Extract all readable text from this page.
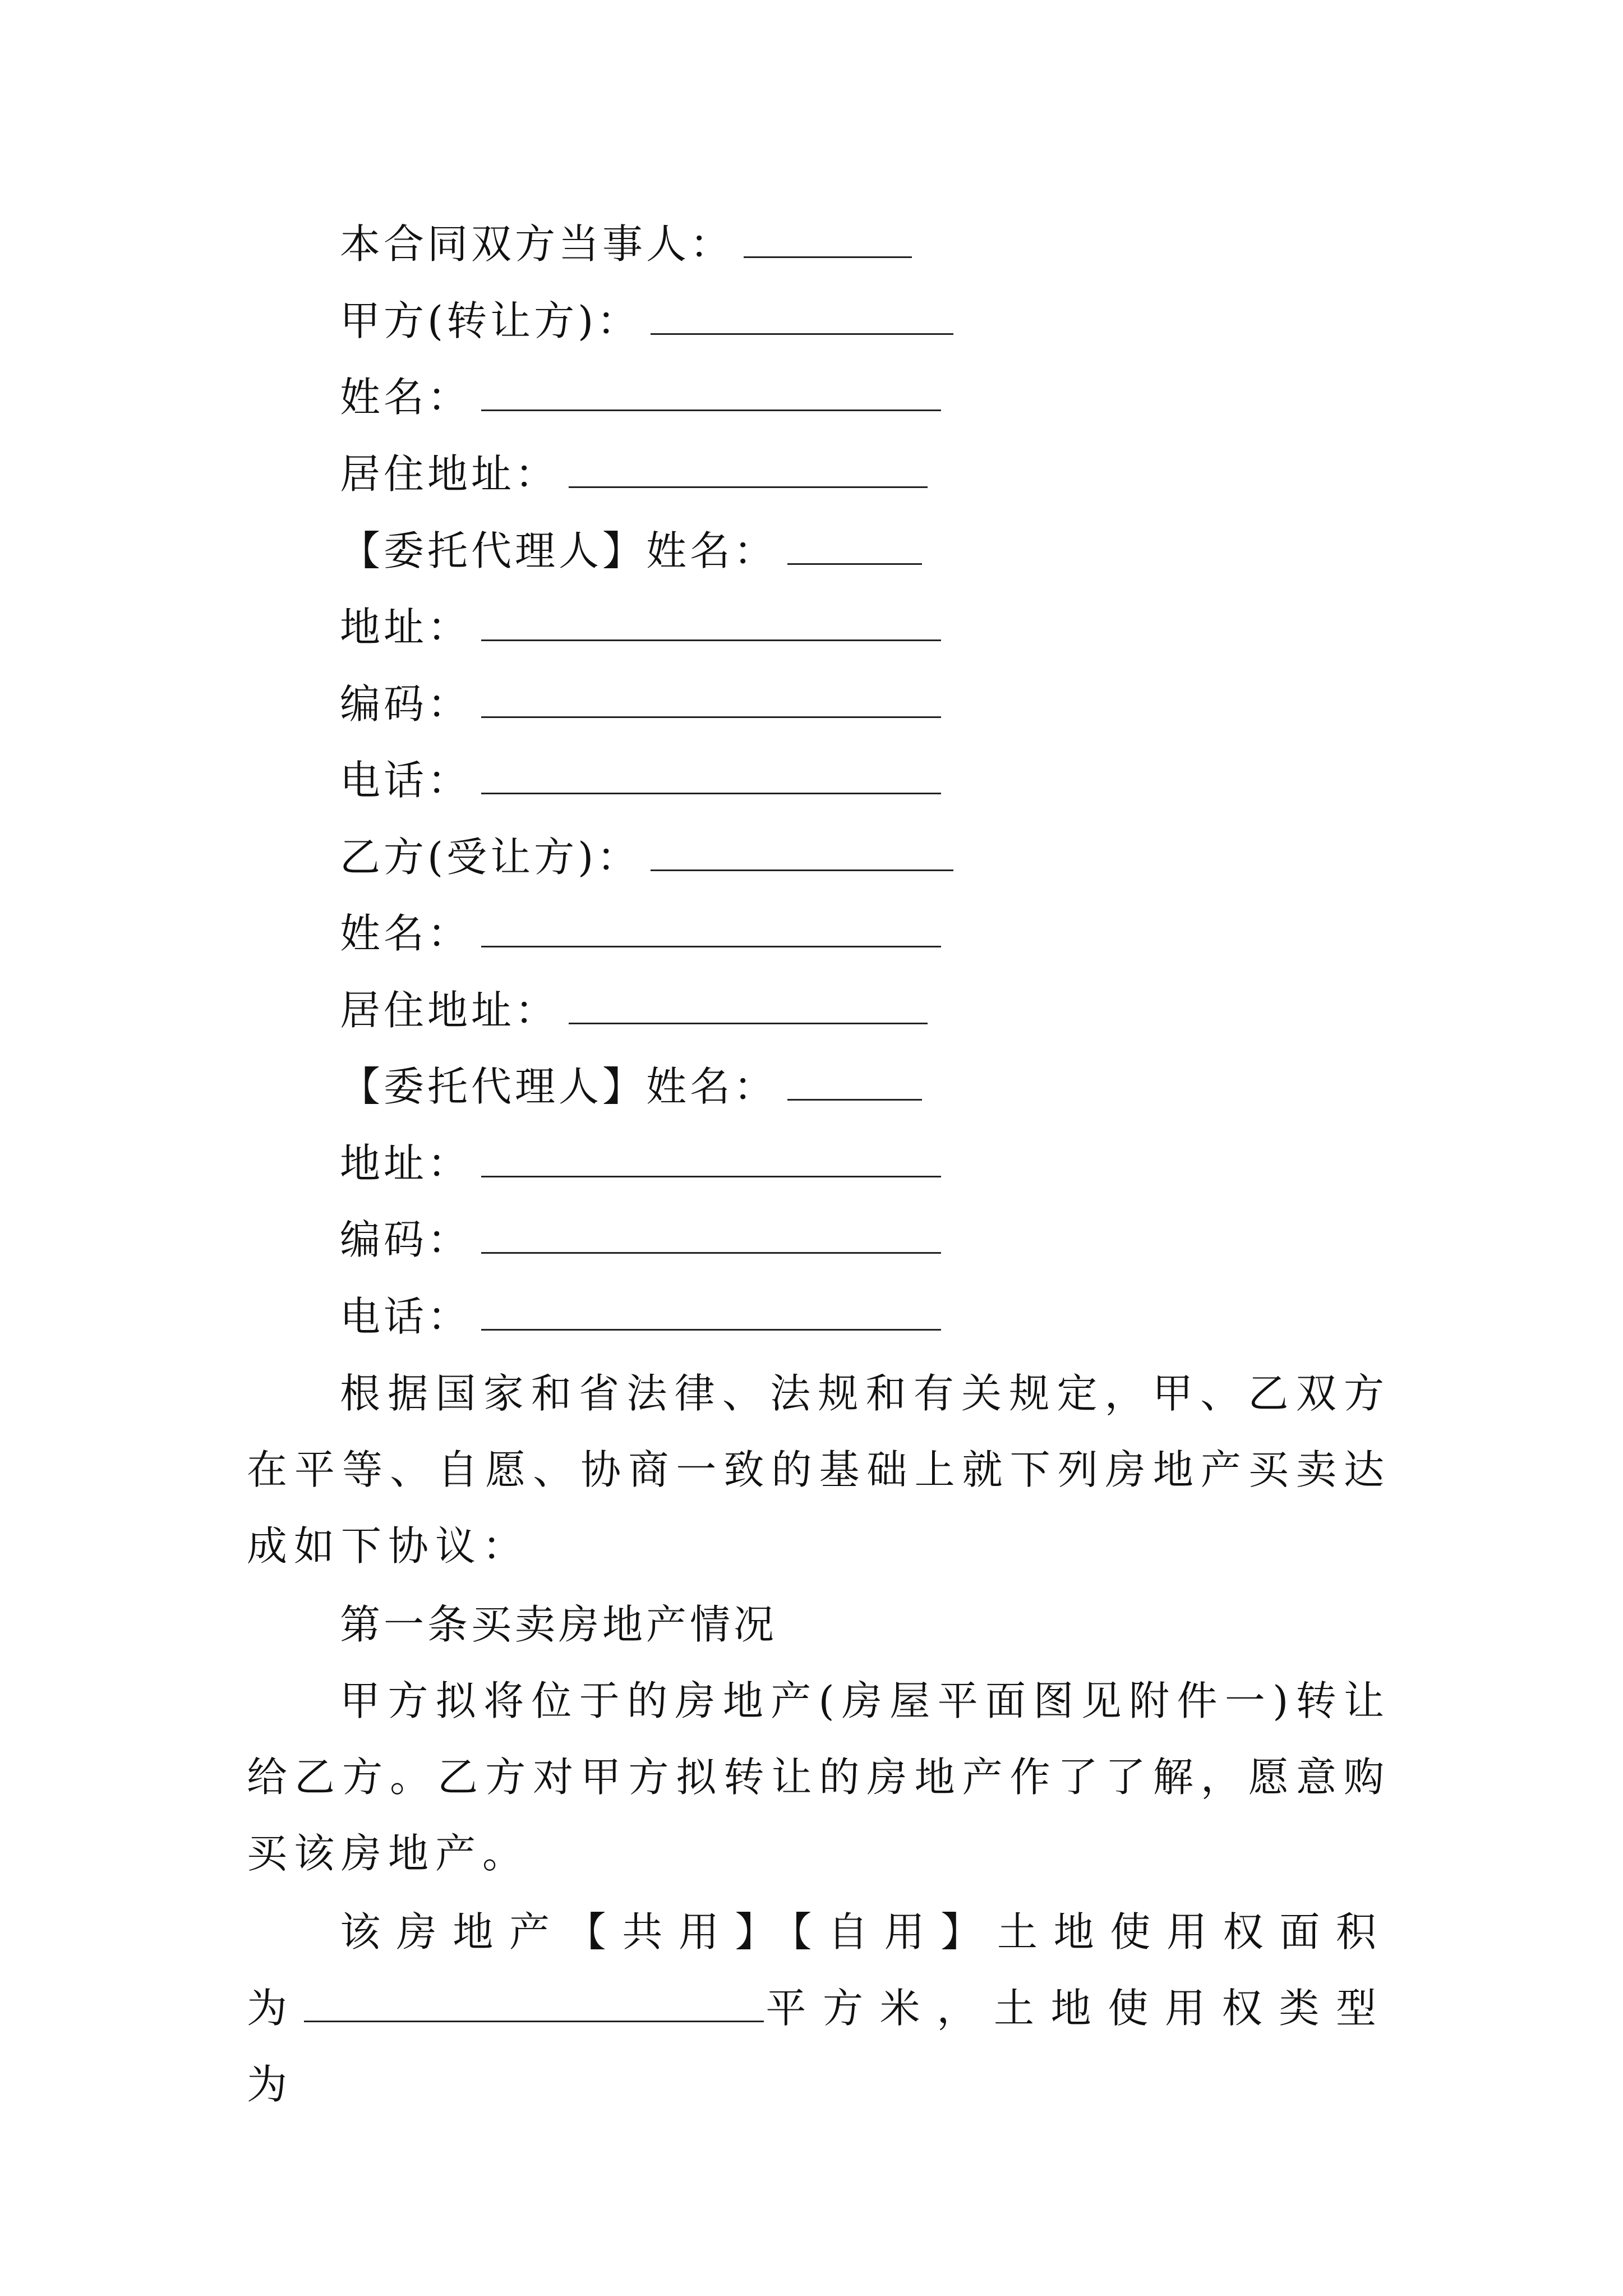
本合同双方当事人：
甲方(转让方)：
姓名：
居住地址：
【委托代理人】姓名：
地址：
编码：
电话：
乙方(受让方)：
姓名：
居住地址：
【委托代理人】姓名：
地址：
编码：
电话：
根据国家和省法律、法规和有关规定，甲、乙双方在平等、自愿、协商一致的基础上就下列房地产买卖达成如下协议：
第一条买卖房地产情况
甲方拟将位于的房地产(房屋平面图见附件一)转让给乙方。乙方对甲方拟转让的房地产作了了解，愿意购买该房地产。
该房地产【共用】【自用】土地使用权面积为	平方米，土地使用权类型为
